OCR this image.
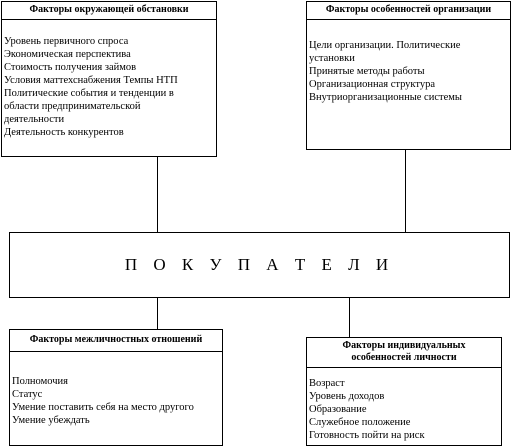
Факторы окружающей обстановки
Уровень первичного спроса
Экономическая перспектива
Стоимость получения займов
Условия маттехснабжения Темпы НТП
Политические события и тенденции в
области предпринимательской
деятельности
Деятельность конкурентов
Факторы особенностей организации
Цели организации. Политические
установки
Принятые методы работы
Организационная структура
Внутриорганизационные системы
П О К У П А Т Е Л И
Факторы межличностных отношений
Полномочия
Статус
Умение поставить себя на место другого
Умение убеждать
Факторы индивидуальных
особенностей личности
Возраст
Уровень доходов
Образование
Служебное положение
Готовность пойти на риск
